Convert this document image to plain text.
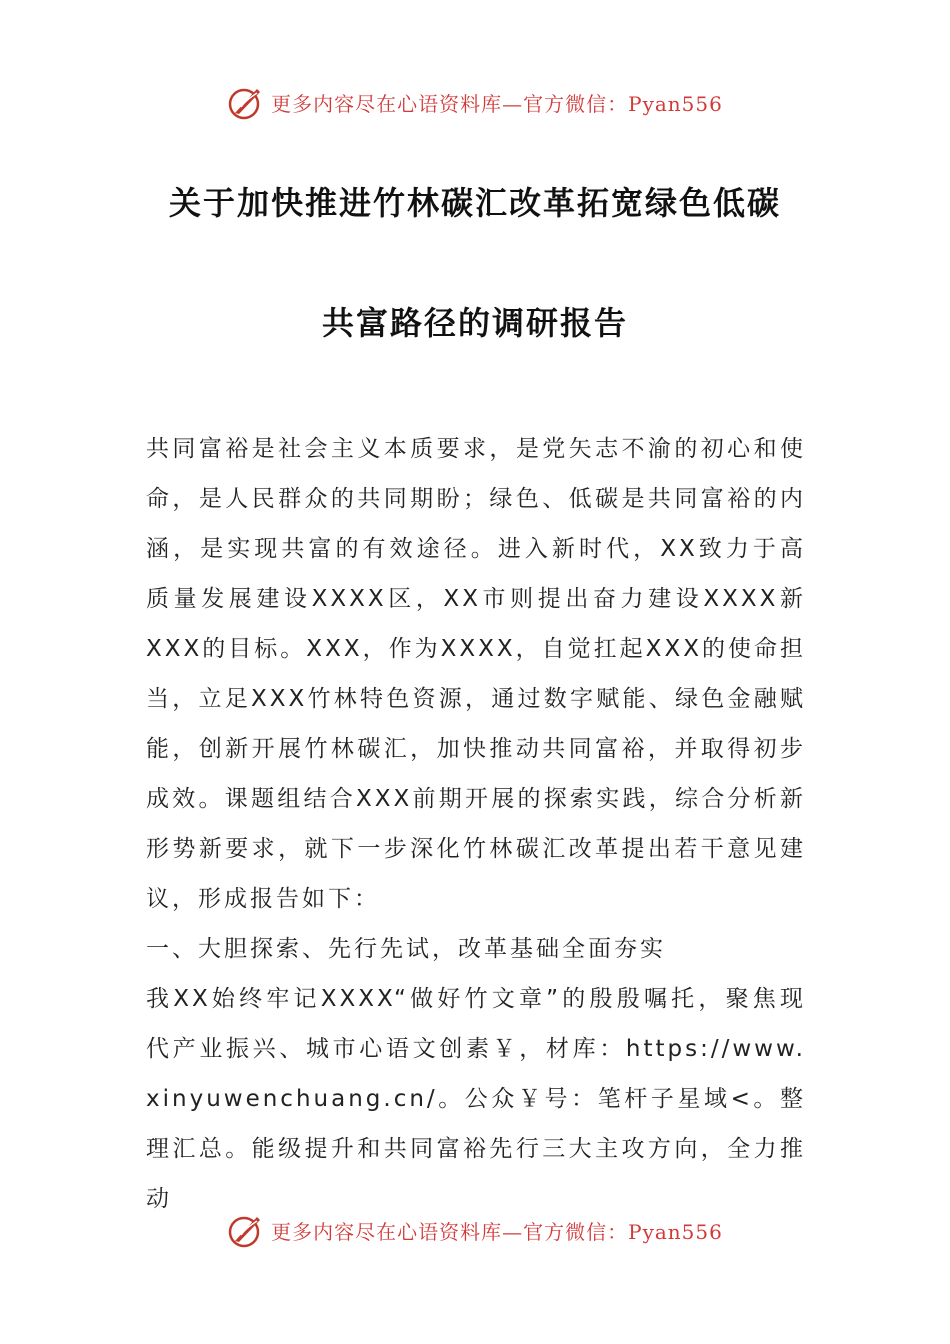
更多内容尽在心语资料库—官方微信：Pyan556
关于加快推进竹林碳汇改革拓宽绿色低碳
共富路径的调研报告

共同富裕是社会主义本质要求，是党矢志不渝的初心和使命，是人民群众的共同期盼；绿色、低碳是共同富裕的内涵，是实现共富的有效途径。进入新时代，XX致力于高质量发展建设XXXX区，XX市则提出奋力建设XXXX新XXX的目标。XXX，作为XXXX，自觉扛起XXX的使命担当，立足XXX竹林特色资源，通过数字赋能、绿色金融赋能，创新开展竹林碳汇，加快推动共同富裕，并取得初步成效。课题组结合XXX前期开展的探索实践，综合分析新形势新要求，就下一步深化竹林碳汇改革提出若干意见建议，形成报告如下：

一、大胆探索、先行先试，改革基础全面夯实

我XX始终牢记XXXX“做好竹文章”的殷殷嘱托，聚焦现代产业振兴、城市心语文创素￥，材库：https://www.xinyuwenchuang.cn/。公众￥号：笔杆子星域<。整理汇总。能级提升和共同富裕先行三大主攻方向，全力推动

更多内容尽在心语资料库—官方微信：Pyan556
